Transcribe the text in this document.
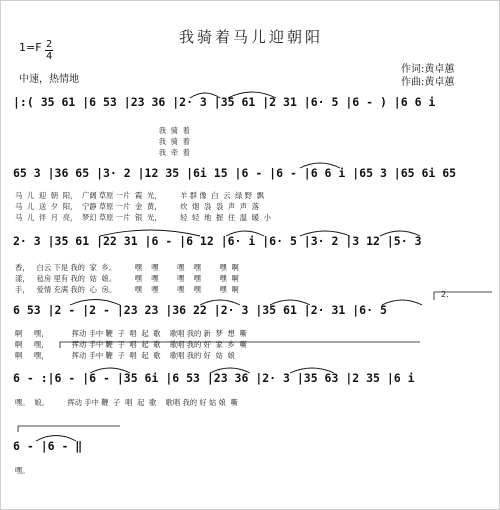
我骑着马儿迎朝阳
1=F 2
4
中速，热情地
作词:黄卓蕙
作曲:黄卓蕙
|:( 35 61 |6 53 |23 36 |2· 3 |35 61 |2 31 |6· 5 |6 - ) |6 6 i
我  骑  着
我  骑  着
我  牵  着
65 3 |36 65 |3· 2 |12 35 |6i 15 |6 - |6 - |6 6 i |65 3 |65 6i 65
马  儿  迎  朝  阳，  广阔 草原 一片  霞  光，        羊 群 像  白  云  绿 野  飘
马  儿  送  夕  阳，  宁静 草原 一片  金  黄，        炊  烟  袅  袅  声  声  落
马  儿  伴  月  亮，  梦幻 草原 一片  银  光，        轻  轻  地  握  住  温  暖  小
2· 3 |35 61 |22 31 |6 - |6 12 |6· i |6· 5 |3· 2 |3 12 |5· 3
香，   白云 下是 我的  家  乡。        嘿    嘿        嘿    嘿        嘿  啊
漾，   毡房 里有 我的  姑  娘。        嘿    嘿        嘿    嘿        嘿  啊
手，   爱情 充满 我的  心  房。        嘿    嘿        嘿    嘿        嘿  啊
2.
6 53 |2 - |2 - |23 23 |36 22 |2· 3 |35 61 |2· 31 |6· 5
啊     嘿，          挥动 手中 鞭  子  唱  起  歌    歌唱 我的 新  梦  想  嘶
啊     嘿，          挥动 手中 鞭  子  唱  起  歌    歌唱 我的 好  家  乡  嘶
啊     嘿，          挥动 手中 鞭  子  唱  起  歌    歌唱 我的 好  姑  娘
6 - :|6 - |6 - |35 6i |6 53 |23 36 |2· 3 |35 63 |2 35 |6 i
嘿。  娘。        挥动 手中 鞭  子  唱  起  歌    歌唱 我的 好 姑 娘  嘶
6 - |6 - ‖
嘿。
